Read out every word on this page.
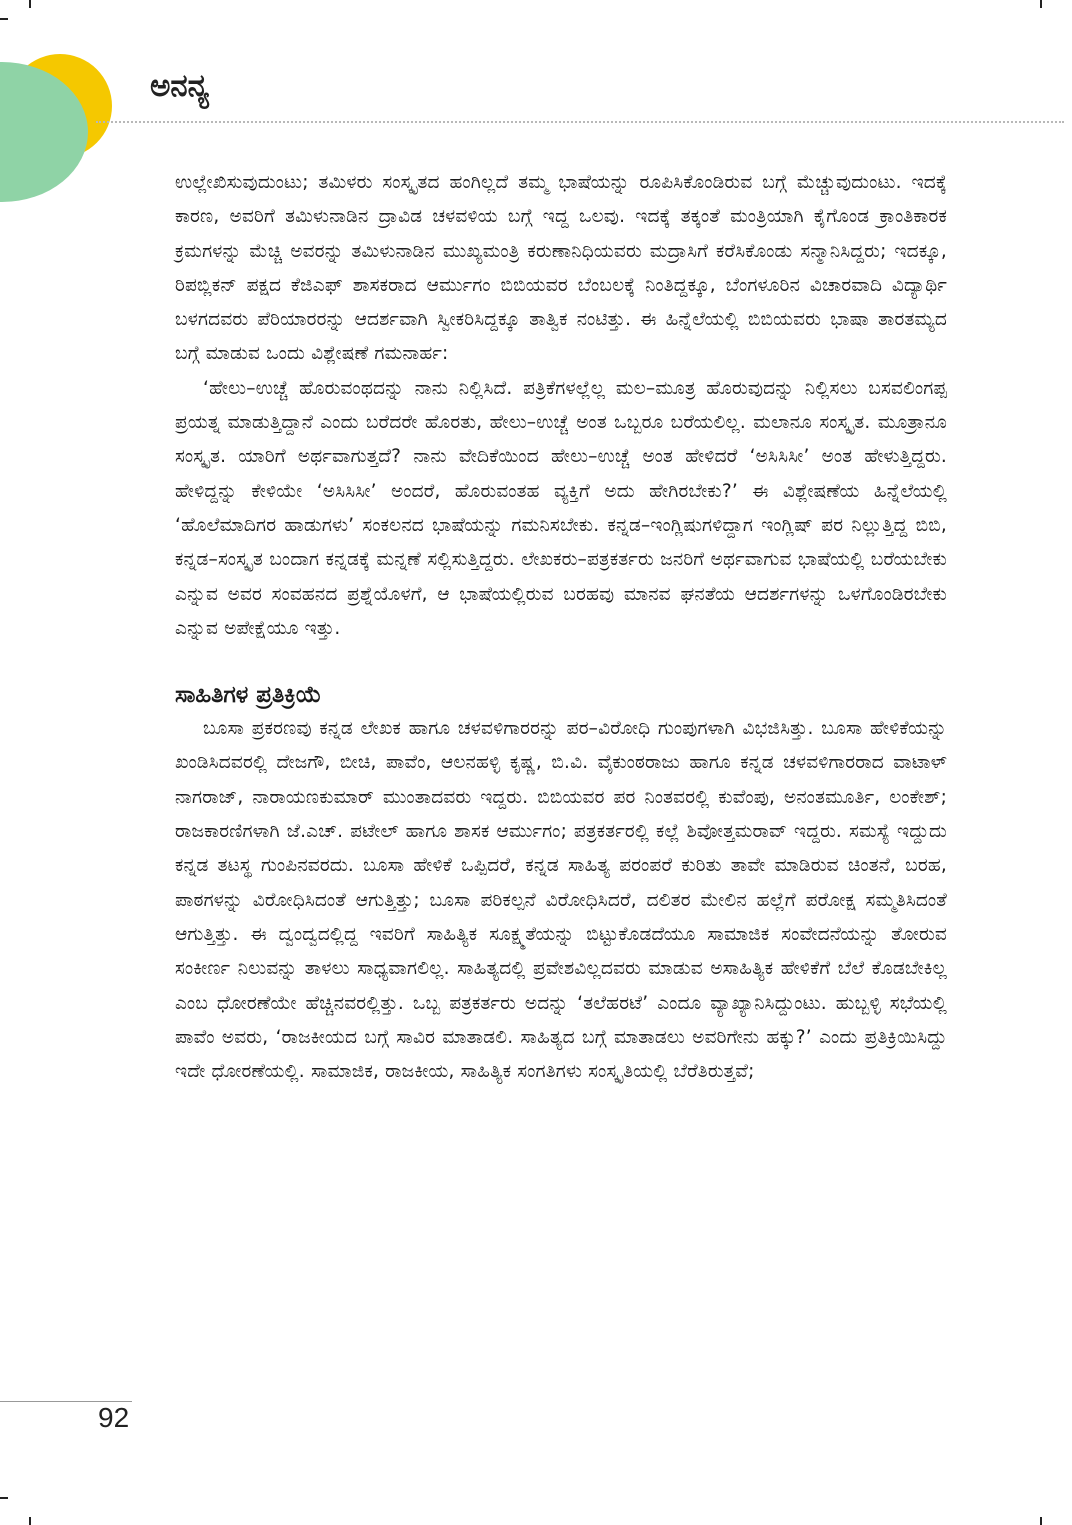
ಅನನ್ಯ

ಉಲ್ಲೇಖಿಸುವುದುಂಟು; ತಮಿಳರು ಸಂಸ್ಕೃತದ ಹಂಗಿಲ್ಲದೆ ತಮ್ಮ ಭಾಷೆಯನ್ನು ರೂಪಿಸಿಕೊಂಡಿರುವ ಬಗ್ಗೆ ಮೆಚ್ಚುವುದುಂಟು. ಇದಕ್ಕೆ ಕಾರಣ, ಅವರಿಗೆ ತಮಿಳುನಾಡಿನ ದ್ರಾವಿಡ ಚಳವಳಿಯ ಬಗ್ಗೆ ಇದ್ದ ಒಲವು. ಇದಕ್ಕೆ ತಕ್ಕಂತೆ ಮಂತ್ರಿಯಾಗಿ ಕೈಗೊಂಡ ಕ್ರಾಂತಿಕಾರಕ ಕ್ರಮಗಳನ್ನು ಮೆಚ್ಚಿ ಅವರನ್ನು ತಮಿಳುನಾಡಿನ ಮುಖ್ಯಮಂತ್ರಿ ಕರುಣಾನಿಧಿಯವರು ಮದ್ರಾಸಿಗೆ ಕರೆಸಿಕೊಂಡು ಸನ್ಮಾನಿಸಿದ್ದರು; ಇದಕ್ಕೂ, ರಿಪಬ್ಲಿಕನ್ ಪಕ್ಷದ ಕೆಜಿಎಫ್ ಶಾಸಕರಾದ ಆರ್ಮುಗಂ ಬಿಬಿಯವರ ಬೆಂಬಲಕ್ಕೆ ನಿಂತಿದ್ದಕ್ಕೂ, ಬೆಂಗಳೂರಿನ ವಿಚಾರವಾದಿ ವಿದ್ಯಾರ್ಥಿ ಬಳಗದವರು ಪೆರಿಯಾರರನ್ನು ಆದರ್ಶವಾಗಿ ಸ್ವೀಕರಿಸಿದ್ದಕ್ಕೂ ತಾತ್ವಿಕ ನಂಟಿತ್ತು. ಈ ಹಿನ್ನೆಲೆಯಲ್ಲಿ ಬಿಬಿಯವರು ಭಾಷಾ ತಾರತಮ್ಯದ ಬಗ್ಗೆ ಮಾಡುವ ಒಂದು ವಿಶ್ಲೇಷಣೆ ಗಮನಾರ್ಹ:

‘ಹೇಲು–ಉಚ್ಚೆ ಹೊರುವಂಥದನ್ನು ನಾನು ನಿಲ್ಲಿಸಿದೆ. ಪತ್ರಿಕೆಗಳಲ್ಲೆಲ್ಲ ಮಲ–ಮೂತ್ರ ಹೊರುವುದನ್ನು ನಿಲ್ಲಿಸಲು ಬಸವಲಿಂಗಪ್ಪ ಪ್ರಯತ್ನ ಮಾಡುತ್ತಿದ್ದಾನೆ ಎಂದು ಬರೆದರೇ ಹೊರತು, ಹೇಲು–ಉಚ್ಚೆ ಅಂತ ಒಬ್ಬರೂ ಬರೆಯಲಿಲ್ಲ. ಮಲಾನೂ ಸಂಸ್ಕೃತ. ಮೂತ್ರಾನೂ ಸಂಸ್ಕೃತ. ಯಾರಿಗೆ ಅರ್ಥವಾಗುತ್ತದೆ? ನಾನು ವೇದಿಕೆಯಿಂದ ಹೇಲು–ಉಚ್ಚೆ ಅಂತ ಹೇಳಿದರೆ ‘ಅಸಿಸಿಸೀ’ ಅಂತ ಹೇಳುತ್ತಿದ್ದರು. ಹೇಳಿದ್ದನ್ನು ಕೇಳಿಯೇ ‘ಅಸಿಸಿಸೀ’ ಅಂದರೆ, ಹೊರುವಂತಹ ವ್ಯಕ್ತಿಗೆ ಅದು ಹೇಗಿರಬೇಕು?’ ಈ ವಿಶ್ಲೇಷಣೆಯ ಹಿನ್ನೆಲೆಯಲ್ಲಿ ‘ಹೊಲೆಮಾದಿಗರ ಹಾಡುಗಳು’ ಸಂಕಲನದ ಭಾಷೆಯನ್ನು ಗಮನಿಸಬೇಕು. ಕನ್ನಡ–ಇಂಗ್ಲಿಷುಗಳಿದ್ದಾಗ ಇಂಗ್ಲಿಷ್ ಪರ ನಿಲ್ಲುತ್ತಿದ್ದ ಬಿಬಿ, ಕನ್ನಡ–ಸಂಸ್ಕೃತ ಬಂದಾಗ ಕನ್ನಡಕ್ಕೆ ಮನ್ನಣೆ ಸಲ್ಲಿಸುತ್ತಿದ್ದರು. ಲೇಖಕರು–ಪತ್ರಕರ್ತರು ಜನರಿಗೆ ಅರ್ಥವಾಗುವ ಭಾಷೆಯಲ್ಲಿ ಬರೆಯಬೇಕು ಎನ್ನುವ ಅವರ ಸಂವಹನದ ಪ್ರಶ್ನೆಯೊಳಗೆ, ಆ ಭಾಷೆಯಲ್ಲಿರುವ ಬರಹವು ಮಾನವ ಘನತೆಯ ಆದರ್ಶಗಳನ್ನು ಒಳಗೊಂಡಿರಬೇಕು ಎನ್ನುವ ಅಪೇಕ್ಷೆಯೂ ಇತ್ತು.

ಸಾಹಿತಿಗಳ ಪ್ರತಿಕ್ರಿಯೆ

ಬೂಸಾ ಪ್ರಕರಣವು ಕನ್ನಡ ಲೇಖಕ ಹಾಗೂ ಚಳವಳಿಗಾರರನ್ನು ಪರ–ವಿರೋಧಿ ಗುಂಪುಗಳಾಗಿ ವಿಭಜಿಸಿತ್ತು. ಬೂಸಾ ಹೇಳಿಕೆಯನ್ನು ಖಂಡಿಸಿದವರಲ್ಲಿ ದೇಜಗೌ, ಬೀಚಿ, ಪಾವೆಂ, ಆಲನಹಳ್ಳಿ ಕೃಷ್ಣ, ಬಿ.ವಿ. ವೈಕುಂಠರಾಜು ಹಾಗೂ ಕನ್ನಡ ಚಳವಳಿಗಾರರಾದ ವಾಟಾಳ್ ನಾಗರಾಜ್, ನಾರಾಯಣಕುಮಾರ್ ಮುಂತಾದವರು ಇದ್ದರು. ಬಿಬಿಯವರ ಪರ ನಿಂತವರಲ್ಲಿ ಕುವೆಂಪು, ಅನಂತಮೂರ್ತಿ, ಲಂಕೇಶ್; ರಾಜಕಾರಣಿಗಳಾಗಿ ಜೆ.ಎಚ್. ಪಟೇಲ್ ಹಾಗೂ ಶಾಸಕ ಆರ್ಮುಗಂ; ಪತ್ರಕರ್ತರಲ್ಲಿ ಕಲ್ಲೆ ಶಿವೋತ್ತಮರಾವ್ ಇದ್ದರು. ಸಮಸ್ಯೆ ಇದ್ದುದು ಕನ್ನಡ ತಟಸ್ಥ ಗುಂಪಿನವರದು. ಬೂಸಾ ಹೇಳಿಕೆ ಒಪ್ಪಿದರೆ, ಕನ್ನಡ ಸಾಹಿತ್ಯ ಪರಂಪರೆ ಕುರಿತು ತಾವೇ ಮಾಡಿರುವ ಚಿಂತನೆ, ಬರಹ, ಪಾಠಗಳನ್ನು ವಿರೋಧಿಸಿದಂತೆ ಆಗುತ್ತಿತ್ತು; ಬೂಸಾ ಪರಿಕಲ್ಪನೆ ವಿರೋಧಿಸಿದರೆ, ದಲಿತರ ಮೇಲಿನ ಹಲ್ಲೆಗೆ ಪರೋಕ್ಷ ಸಮ್ಮತಿಸಿದಂತೆ ಆಗುತ್ತಿತ್ತು. ಈ ದ್ವಂದ್ವದಲ್ಲಿದ್ದ ಇವರಿಗೆ ಸಾಹಿತ್ಯಿಕ ಸೂಕ್ಷ್ಮತೆಯನ್ನು ಬಿಟ್ಟುಕೊಡದೆಯೂ ಸಾಮಾಜಿಕ ಸಂವೇದನೆಯನ್ನು ತೋರುವ ಸಂಕೀರ್ಣ ನಿಲುವನ್ನು ತಾಳಲು ಸಾಧ್ಯವಾಗಲಿಲ್ಲ. ಸಾಹಿತ್ಯದಲ್ಲಿ ಪ್ರವೇಶವಿಲ್ಲದವರು ಮಾಡುವ ಅಸಾಹಿತ್ಯಿಕ ಹೇಳಿಕೆಗೆ ಬೆಲೆ ಕೊಡಬೇಕಿಲ್ಲ ಎಂಬ ಧೋರಣೆಯೇ ಹೆಚ್ಚಿನವರಲ್ಲಿತ್ತು. ಒಬ್ಬ ಪತ್ರಕರ್ತರು ಅದನ್ನು ‘ತಲೆಹರಟೆ’ ಎಂದೂ ವ್ಯಾಖ್ಯಾನಿಸಿದ್ದುಂಟು. ಹುಬ್ಬಳ್ಳಿ ಸಭೆಯಲ್ಲಿ ಪಾವೆಂ ಅವರು, ‘ರಾಜಕೀಯದ ಬಗ್ಗೆ ಸಾವಿರ ಮಾತಾಡಲಿ. ಸಾಹಿತ್ಯದ ಬಗ್ಗೆ ಮಾತಾಡಲು ಅವರಿಗೇನು ಹಕ್ಕು?’ ಎಂದು ಪ್ರತಿಕ್ರಿಯಿಸಿದ್ದು ಇದೇ ಧೋರಣೆಯಲ್ಲಿ. ಸಾಮಾಜಿಕ, ರಾಜಕೀಯ, ಸಾಹಿತ್ಯಿಕ ಸಂಗತಿಗಳು ಸಂಸ್ಕೃತಿಯಲ್ಲಿ ಬೆರೆತಿರುತ್ತವೆ;

92
